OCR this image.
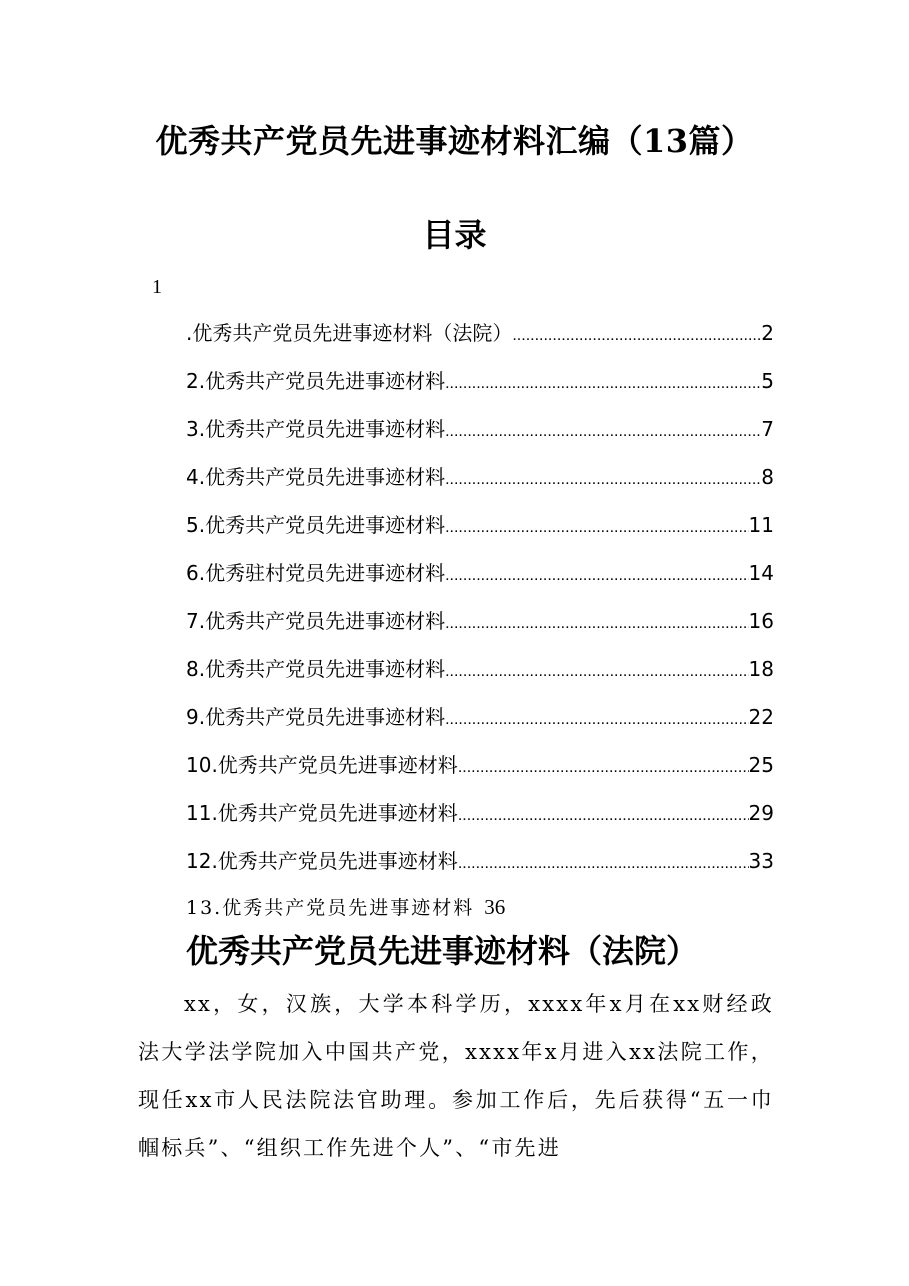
优秀共产党员先进事迹材料汇编（13篇）
目录
1
.优秀共产党员先进事迹材料（法院） .....	2
2.优秀共产党员先进事迹材料 .....	5
3.优秀共产党员先进事迹材料 .....	7
4.优秀共产党员先进事迹材料 .....	8
5.优秀共产党员先进事迹材料 .....	11
6.优秀驻村党员先进事迹材料 .....	14
7.优秀共产党员先进事迹材料 .....	16
8.优秀共产党员先进事迹材料 .....	18
9.优秀共产党员先进事迹材料 .....	22
10.优秀共产党员先进事迹材料 .....	25
11.优秀共产党员先进事迹材料 .....	29
12.优秀共产党员先进事迹材料 .....	33
13.优秀共产党员先进事迹材料 36
优秀共产党员先进事迹材料（法院）

xx，女，汉族，大学本科学历，xxxx年x月在xx财经政法大学法学院加入中国共产党，xxxx年x月进入xx法院工作，现任xx市人民法院法官助理。参加工作后，先后获得“五一巾帼标兵”、“组织工作先进个人”、“市先进
